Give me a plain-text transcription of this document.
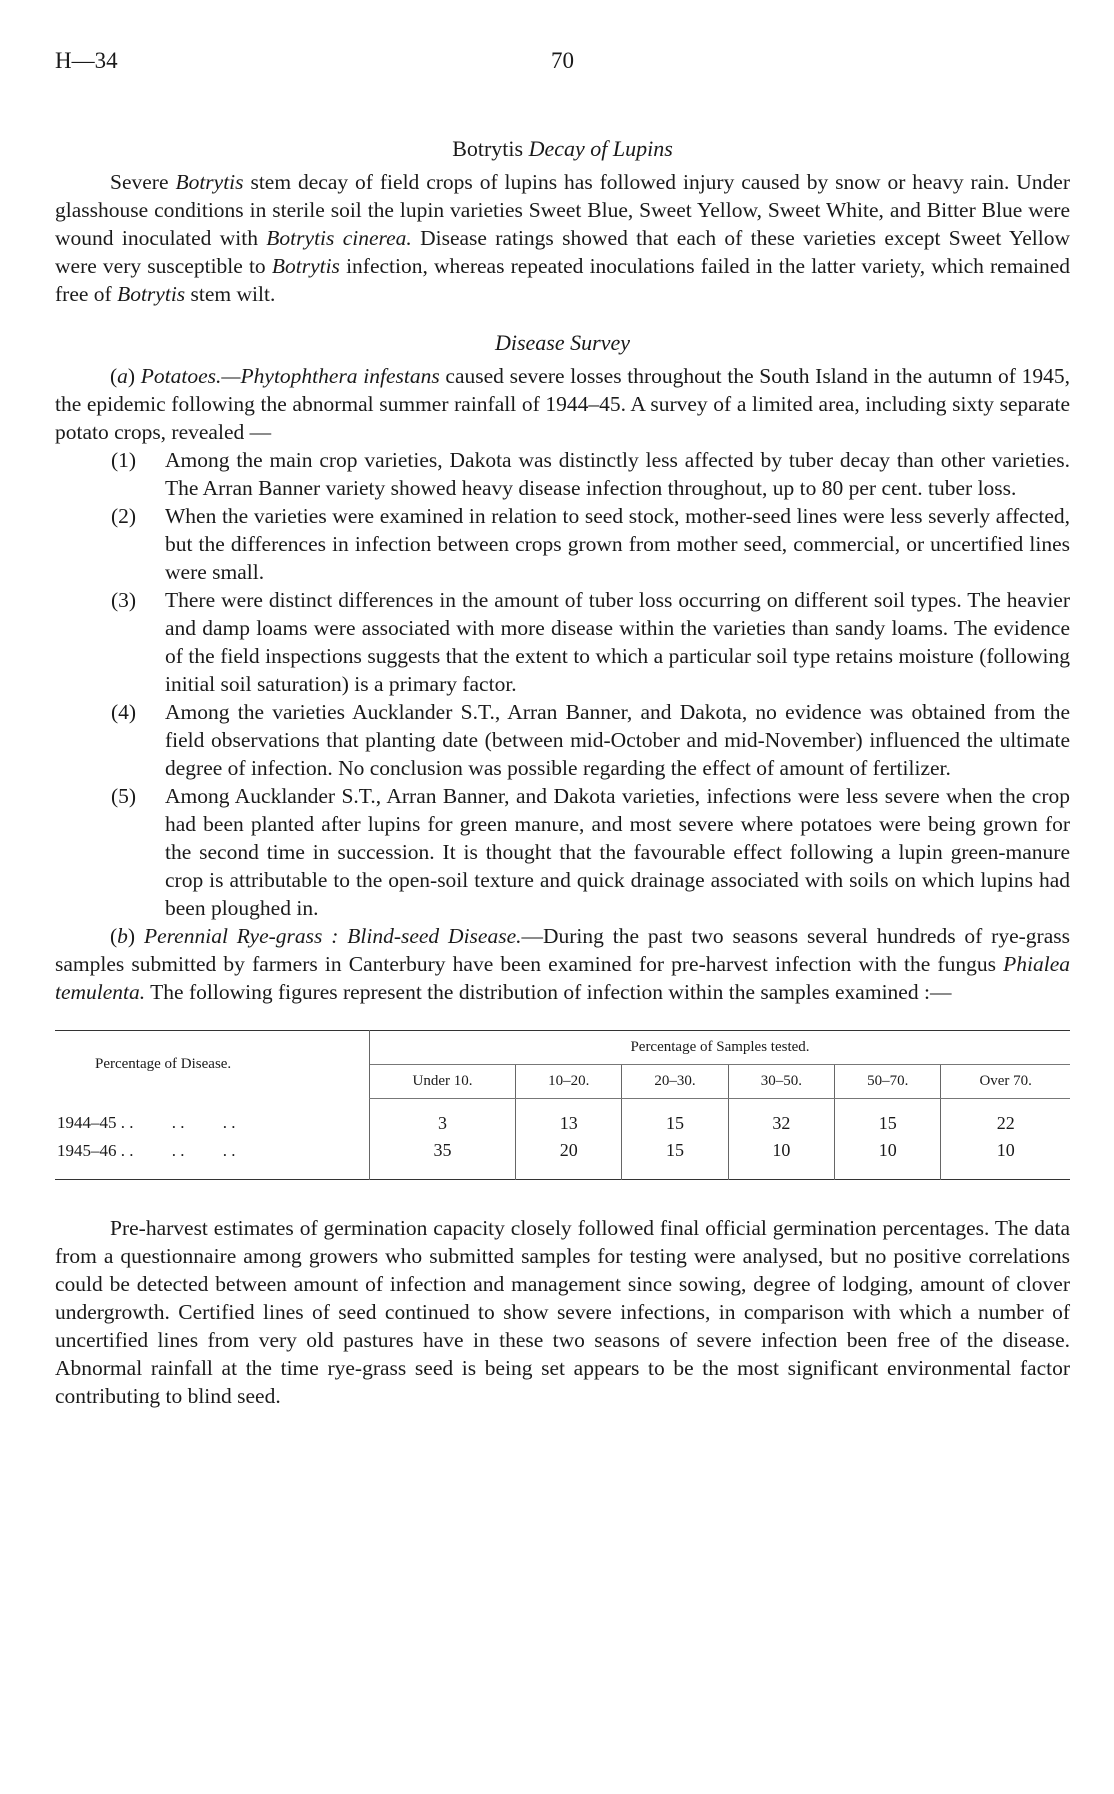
H—34	70
Botrytis Decay of Lupins

Severe Botrytis stem decay of field crops of lupins has followed injury caused by snow or heavy rain. Under glasshouse conditions in sterile soil the lupin varieties Sweet Blue, Sweet Yellow, Sweet White, and Bitter Blue were wound inoculated with Botrytis cinerea. Disease ratings showed that each of these varieties except Sweet Yellow were very susceptible to Botrytis infection, whereas repeated inoculations failed in the latter variety, which remained free of Botrytis stem wilt.

Disease Survey

(a) Potatoes.—Phytophthera infestans caused severe losses throughout the South Island in the autumn of 1945, the epidemic following the abnormal summer rainfall of 1944–45. A survey of a limited area, including sixty separate potato crops, revealed —

(1)	Among the main crop varieties, Dakota was distinctly less affected by tuber decay than other varieties. The Arran Banner variety showed heavy disease infection throughout, up to 80 per cent. tuber loss.
(2)	When the varieties were examined in relation to seed stock, mother-seed lines were less severly affected, but the differences in infection between crops grown from mother seed, commercial, or uncertified lines were small.
(3)	There were distinct differences in the amount of tuber loss occurring on different soil types. The heavier and damp loams were associated with more disease within the varieties than sandy loams. The evidence of the field inspections suggests that the extent to which a particular soil type retains moisture (following initial soil saturation) is a primary factor.
(4)	Among the varieties Aucklander S.T., Arran Banner, and Dakota, no evidence was obtained from the field observations that planting date (between mid-October and mid-November) influenced the ultimate degree of infection. No conclusion was possible regarding the effect of amount of fertilizer.
(5)	Among Aucklander S.T., Arran Banner, and Dakota varieties, infections were less severe when the crop had been planted after lupins for green manure, and most severe where potatoes were being grown for the second time in succession. It is thought that the favourable effect following a lupin green-manure crop is attributable to the open-soil texture and quick drainage associated with soils on which lupins had been ploughed in.

(b) Perennial Rye-grass : Blind-seed Disease.—During the past two seasons several hundreds of rye-grass samples submitted by farmers in Canterbury have been examined for pre-harvest infection with the fungus Phialea temulenta. The following figures represent the distribution of infection within the samples examined :—

Percentage of Disease.	Percentage of Samples tested.					
	Under 10.	10–20.	20–30.	30–50.	50–70.	Over 70.
1944–45 . .         . .         . .	3	13	15	32	15	22
1945–46 . .         . .         . .	35	20	15	10	10	10

Pre-harvest estimates of germination capacity closely followed final official germination percentages. The data from a questionnaire among growers who submitted samples for testing were analysed, but no positive correlations could be detected between amount of infection and management since sowing, degree of lodging, amount of clover undergrowth. Certified lines of seed continued to show severe infections, in comparison with which a number of uncertified lines from very old pastures have in these two seasons of severe infection been free of the disease. Abnormal rainfall at the time rye-grass seed is being set appears to be the most significant environmental factor contributing to blind seed.
